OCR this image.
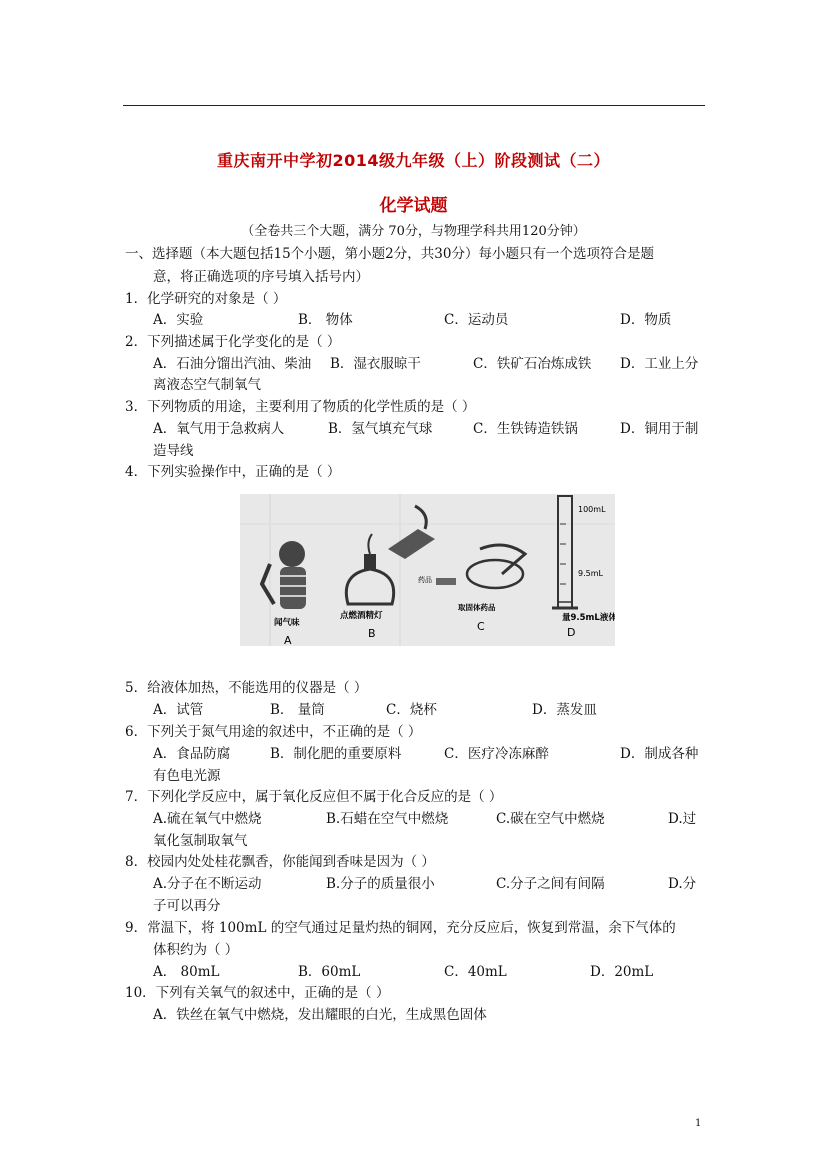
重庆南开中学初2014级九年级（上）阶段测试（二）
化学试题
（全卷共三个大题，满分 70分，与物理学科共用120分钟）
一、选择题（本大题包括15个小题，第小题2分，共30分）每小题只有一个选项符合是题
意，将正确选项的序号填入括号内）
1．化学研究的对象是（ ）
A．实验	B． 物体	C．运动员	D．物质
2．下列描述属于化学变化的是（ ）
A．石油分馏出汽油、柴油 B．湿衣服晾干	C．铁矿石冶炼成铁 D．工业上分
离液态空气制氧气
3．下列物质的用途，主要利用了物质的化学性质的是（ ）
A．氧气用于急救病人	B．氢气填充气球	C．生铁铸造铁锅	D．铜用于制
造导线
4．下列实验操作中，正确的是（ ）
100mL
9.5mL
药品
闻气味
点燃酒精灯
取固体药品
量9.5mL液体
A
B
C	D
5．给液体加热，不能选用的仪器是（ ）
A．试管	B． 量筒	C．烧杯	D．蒸发皿
6．下列关于氮气用途的叙述中，不正确的是（ ）
A．食品防腐	B．制化肥的重要原料	C．医疗冷冻麻醉	D．制成各种
有色电光源
7．下列化学反应中，属于氧化反应但不属于化合反应的是（ ）
A.硫在氧气中燃烧	B.石蜡在空气中燃烧	C.碳在空气中燃烧	D.过
氧化氢制取氧气
8．校园内处处桂花飘香，你能闻到香味是因为（ ）
A.分子在不断运动	B.分子的质量很小	C.分子之间有间隔	D.分
子可以再分
9．常温下，将 100mL 的空气通过足量灼热的铜网，充分反应后，恢复到常温，余下气体的
体积约为（ ）
A． 80mL	B．60mL	C．40mL	D．20mL
10．下列有关氧气的叙述中，正确的是（ ）
A．铁丝在氧气中燃烧，发出耀眼的白光，生成黑色固体
1
